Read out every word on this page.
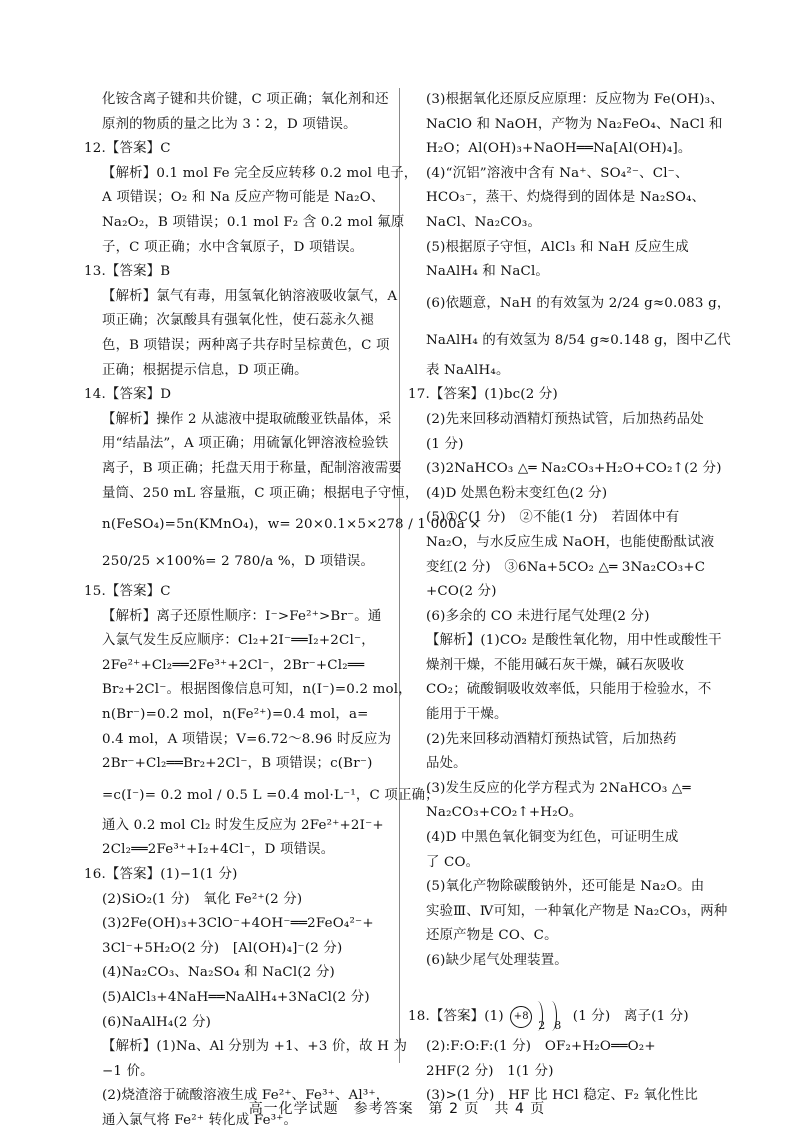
化铵含离子键和共价键，C 项正确；氧化剂和还
原剂的物质的量之比为 3∶2，D 项错误。
12.【答案】C
【解析】0.1 mol Fe 完全反应转移 0.2 mol 电子，
A 项错误；O₂ 和 Na 反应产物可能是 Na₂O、
Na₂O₂，B 项错误；0.1 mol F₂ 含 0.2 mol 氟原
子，C 项正确；水中含氧原子，D 项错误。
13.【答案】B
【解析】氯气有毒，用氢氧化钠溶液吸收氯气，A
项正确；次氯酸具有强氧化性，使石蕊永久褪
色，B 项错误；两种离子共存时呈棕黄色，C 项
正确；根据提示信息，D 项正确。
14.【答案】D
【解析】操作 2 从滤液中提取硫酸亚铁晶体，采
用“结晶法”，A 项正确；用硫氰化钾溶液检验铁
离子，B 项正确；托盘天用于称量，配制溶液需要
量筒、250 mL 容量瓶，C 项正确；根据电子守恒，
n(FeSO₄)=5n(KMnO₄)，w= 20×0.1×5×278 / 1 000a ×
250/25 ×100%= 2 780/a %，D 项错误。
15.【答案】C
【解析】离子还原性顺序：I⁻>Fe²⁺>Br⁻。通
入氯气发生反应顺序：Cl₂+2I⁻══I₂+2Cl⁻，
2Fe²⁺+Cl₂══2Fe³⁺+2Cl⁻，2Br⁻+Cl₂══
Br₂+2Cl⁻。根据图像信息可知，n(I⁻)=0.2 mol，
n(Br⁻)=0.2 mol，n(Fe²⁺)=0.4 mol，a=
0.4 mol，A 项错误；V=6.72～8.96 时反应为
2Br⁻+Cl₂══Br₂+2Cl⁻，B 项错误；c(Br⁻)
=c(I⁻)= 0.2 mol / 0.5 L =0.4 mol·L⁻¹，C 项正确；
通入 0.2 mol Cl₂ 时发生反应为 2Fe²⁺+2I⁻+
2Cl₂══2Fe³⁺+I₂+4Cl⁻，D 项错误。
16.【答案】(1)−1(1 分)
(2)SiO₂(1 分)　氧化 Fe²⁺(2 分)
(3)2Fe(OH)₃+3ClO⁻+4OH⁻══2FeO₄²⁻+
3Cl⁻+5H₂O(2 分)　[Al(OH)₄]⁻(2 分)
(4)Na₂CO₃、Na₂SO₄ 和 NaCl(2 分)
(5)AlCl₃+4NaH══NaAlH₄+3NaCl(2 分)
(6)NaAlH₄(2 分)
【解析】(1)Na、Al 分别为 +1、+3 价，故 H 为
−1 价。
(2)烧渣溶于硫酸溶液生成 Fe²⁺、Fe³⁺、Al³⁺，
通入氯气将 Fe²⁺ 转化成 Fe³⁺。
(3)根据氧化还原反应原理：反应物为 Fe(OH)₃、
NaClO 和 NaOH，产物为 Na₂FeO₄、NaCl 和
H₂O；Al(OH)₃+NaOH══Na[Al(OH)₄]。
(4)“沉铝”溶液中含有 Na⁺、SO₄²⁻、Cl⁻、
HCO₃⁻，蒸干、灼烧得到的固体是 Na₂SO₄、
NaCl、Na₂CO₃。
(5)根据原子守恒，AlCl₃ 和 NaH 反应生成
NaAlH₄ 和 NaCl。
(6)依题意，NaH 的有效氢为 2/24 g≈0.083 g，
NaAlH₄ 的有效氢为 8/54 g≈0.148 g，图中乙代
表 NaAlH₄。
17.【答案】(1)bc(2 分)
(2)先来回移动酒精灯预热试管，后加热药品处
(1 分)
(3)2NaHCO₃ △═ Na₂CO₃+H₂O+CO₂↑(2 分)
(4)D 处黑色粉末变红色(2 分)
(5)①C(1 分)　②不能(1 分)　若固体中有
Na₂O，与水反应生成 NaOH，也能使酚酞试液
变红(2 分)　③6Na+5CO₂ △═ 3Na₂CO₃+C
+CO(2 分)
(6)多余的 CO 未进行尾气处理(2 分)
【解析】(1)CO₂ 是酸性氧化物，用中性或酸性干
燥剂干燥，不能用碱石灰干燥，碱石灰吸收
CO₂；硫酸铜吸收效率低，只能用于检验水，不
能用于干燥。
(2)先来回移动酒精灯预热试管，后加热药
品处。
(3)发生反应的化学方程式为 2NaHCO₃ △═
Na₂CO₃+CO₂↑+H₂O。
(4)D 中黑色氧化铜变为红色，可证明生成
了 CO。
(5)氧化产物除碳酸钠外，还可能是 Na₂O。由
实验Ⅲ、Ⅳ可知，一种氧化产物是 Na₂CO₃，两种
还原产物是 CO、C。
(6)缺少尾气处理装置。
18.【答案】(1) +8
2 8
(1 分)　离子(1 分)
(2):F:O:F:(1 分)　OF₂+H₂O══O₂+
2HF(2 分)　1(1 分)
(3)>(1 分)　HF 比 HCl 稳定、F₂ 氧化性比
高一化学试题　参考答案　第 2 页　共 4 页
